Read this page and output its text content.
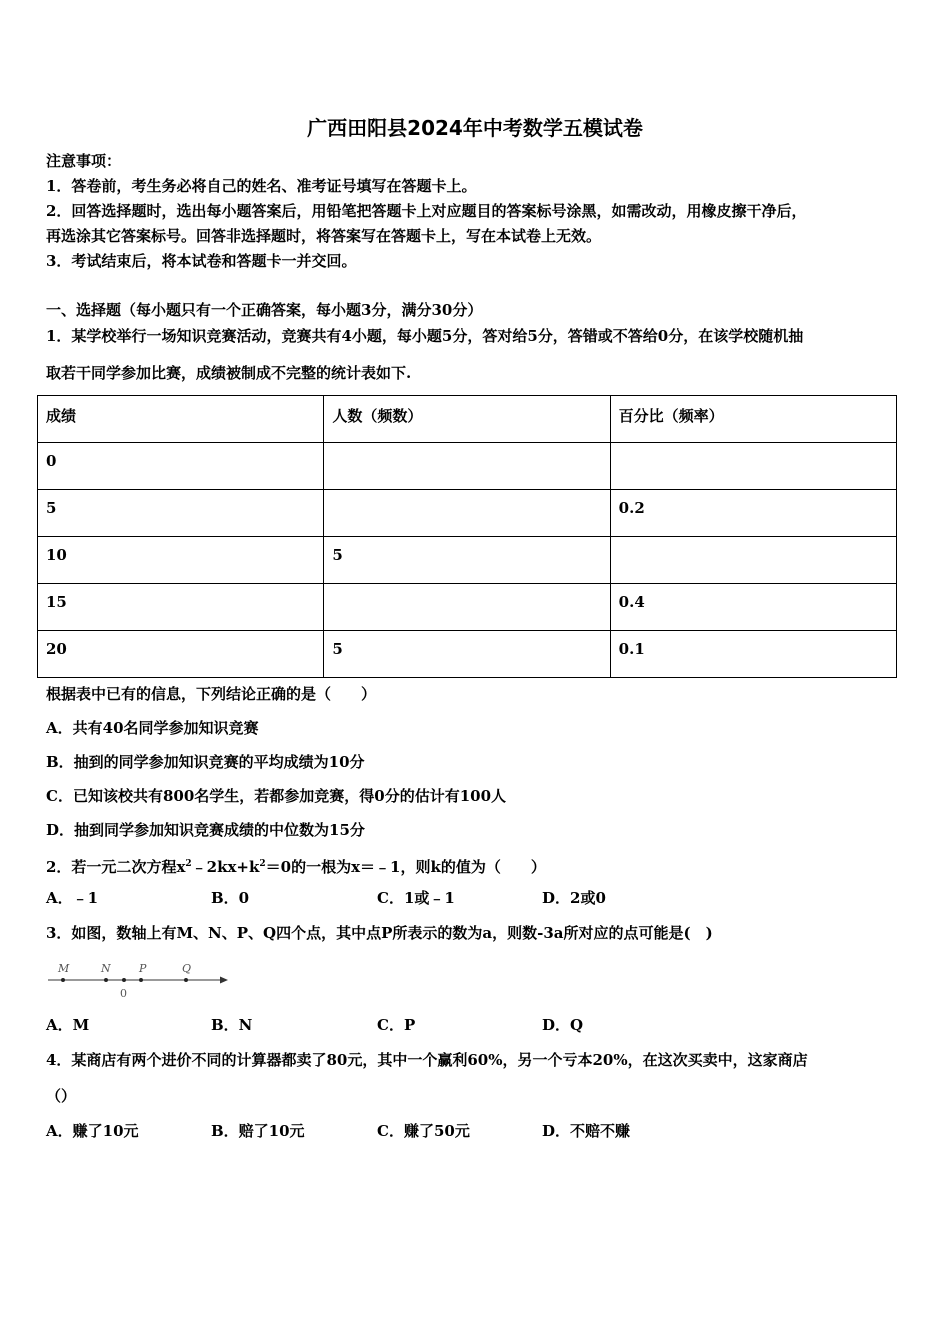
广西田阳县2024年中考数学五模试卷
注意事项：
1．答卷前，考生务必将自己的姓名、准考证号填写在答题卡上。
2．回答选择题时，选出每小题答案后，用铅笔把答题卡上对应题目的答案标号涂黑，如需改动，用橡皮擦干净后，
再选涂其它答案标号。回答非选择题时，将答案写在答题卡上，写在本试卷上无效。
3．考试结束后，将本试卷和答题卡一并交回。
一、选择题（每小题只有一个正确答案，每小题3分，满分30分）
1．某学校举行一场知识竞赛活动，竞赛共有4小题，每小题5分，答对给5分，答错或不答给0分，在该学校随机抽
取若干同学参加比赛，成绩被制成不完整的统计表如下.
成绩	人数（频数）	百分比（频率）
0		
5		0.2
10	5	
15		0.4
20	5	0.1
根据表中已有的信息，下列结论正确的是（　　）
A．共有40名同学参加知识竞赛
B．抽到的同学参加知识竞赛的平均成绩为10分
C．已知该校共有800名学生，若都参加竞赛，得0分的估计有100人
D．抽到同学参加知识竞赛成绩的中位数为15分
2．若一元二次方程$x^2﹣2kx+k^2=0$的一根为x＝﹣1，则k的值为（　　）
A．﹣1	B．0	C．1或﹣1	D．2或0
3．如图，数轴上有M、N、P、Q四个点，其中点P所表示的数为a，则数-3a所对应的点可能是(　)
M	N	P	Q
0
A．M	B．N	C．P	D．Q
4．某商店有两个进价不同的计算器都卖了80元，其中一个赢利60%，另一个亏本20%，在这次买卖中，这家商店
（）
A．赚了10元	B．赔了10元	C．赚了50元	D．不赔不赚
